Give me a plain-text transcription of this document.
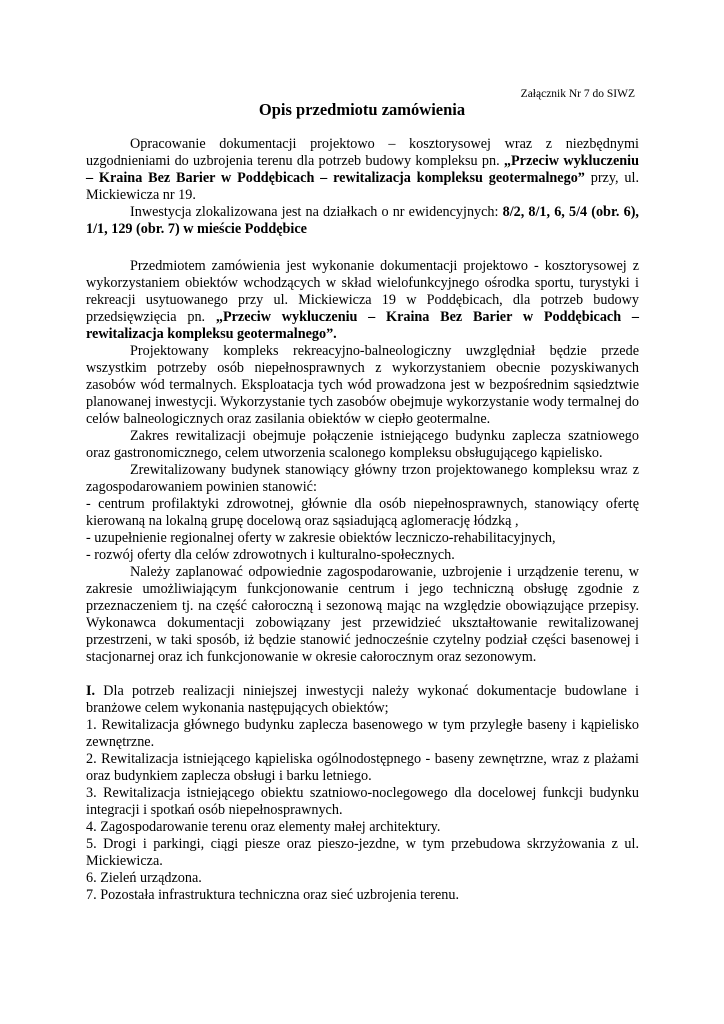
Załącznik Nr 7 do SIWZ
Opis przedmiotu zamówienia

Opracowanie dokumentacji projektowo – kosztorysowej wraz z niezbędnymi uzgodnieniami do uzbrojenia terenu dla potrzeb budowy kompleksu pn. „Przeciw wykluczeniu – Kraina Bez Barier w Poddębicach – rewitalizacja kompleksu geotermalnego” przy, ul. Mickiewicza nr 19.

Inwestycja zlokalizowana jest na działkach o nr ewidencyjnych: 8/2, 8/1, 6, 5/4 (obr. 6), 1/1, 129 (obr. 7) w mieście Poddębice

Przedmiotem zamówienia jest wykonanie dokumentacji projektowo - kosztorysowej z wykorzystaniem obiektów wchodzących w skład wielofunkcyjnego ośrodka sportu, turystyki i rekreacji usytuowanego przy ul. Mickiewicza 19 w Poddębicach, dla potrzeb budowy przedsięwzięcia pn. „Przeciw wykluczeniu – Kraina Bez Barier w Poddębicach – rewitalizacja kompleksu geotermalnego”.

Projektowany kompleks rekreacyjno-balneologiczny uwzględniał będzie przede wszystkim potrzeby osób niepełnosprawnych z wykorzystaniem obecnie pozyskiwanych zasobów wód termalnych. Eksploatacja tych wód prowadzona jest w bezpośrednim sąsiedztwie planowanej inwestycji. Wykorzystanie tych zasobów obejmuje wykorzystanie wody termalnej do celów balneologicznych oraz zasilania obiektów w ciepło geotermalne.

Zakres rewitalizacji obejmuje połączenie istniejącego budynku zaplecza szatniowego oraz gastronomicznego, celem utworzenia scalonego kompleksu obsługującego kąpielisko.

Zrewitalizowany budynek stanowiący główny trzon projektowanego kompleksu wraz z zagospodarowaniem powinien stanowić:

- centrum profilaktyki zdrowotnej, głównie dla osób niepełnosprawnych, stanowiący ofertę kierowaną na lokalną grupę docelową oraz sąsiadującą aglomerację łódzką ,

- uzupełnienie regionalnej oferty w zakresie obiektów leczniczo-rehabilitacyjnych,

- rozwój oferty dla celów zdrowotnych i kulturalno-społecznych.

Należy zaplanować odpowiednie zagospodarowanie, uzbrojenie i urządzenie terenu, w zakresie umożliwiającym funkcjonowanie centrum i jego techniczną obsługę zgodnie z przeznaczeniem tj. na część całoroczną i sezonową mając na względzie obowiązujące przepisy. Wykonawca dokumentacji zobowiązany jest przewidzieć ukształtowanie rewitalizowanej przestrzeni, w taki sposób, iż będzie stanowić jednocześnie czytelny podział części basenowej i stacjonarnej oraz ich funkcjonowanie w okresie całorocznym oraz sezonowym.

I. Dla potrzeb realizacji niniejszej inwestycji należy wykonać dokumentacje budowlane i branżowe celem wykonania następujących obiektów;

1. Rewitalizacja głównego budynku zaplecza basenowego w tym przyległe baseny i kąpielisko zewnętrzne.

2. Rewitalizacja istniejącego kąpieliska ogólnodostępnego - baseny zewnętrzne, wraz z plażami oraz budynkiem zaplecza obsługi i barku letniego.

3. Rewitalizacja istniejącego obiektu szatniowo-noclegowego dla docelowej funkcji budynku integracji i spotkań osób niepełnosprawnych.

4. Zagospodarowanie terenu oraz elementy małej architektury.

5. Drogi i parkingi, ciągi piesze oraz pieszo-jezdne, w tym przebudowa skrzyżowania z ul. Mickiewicza.

6. Zieleń urządzona.

7. Pozostała infrastruktura techniczna oraz sieć uzbrojenia terenu.
